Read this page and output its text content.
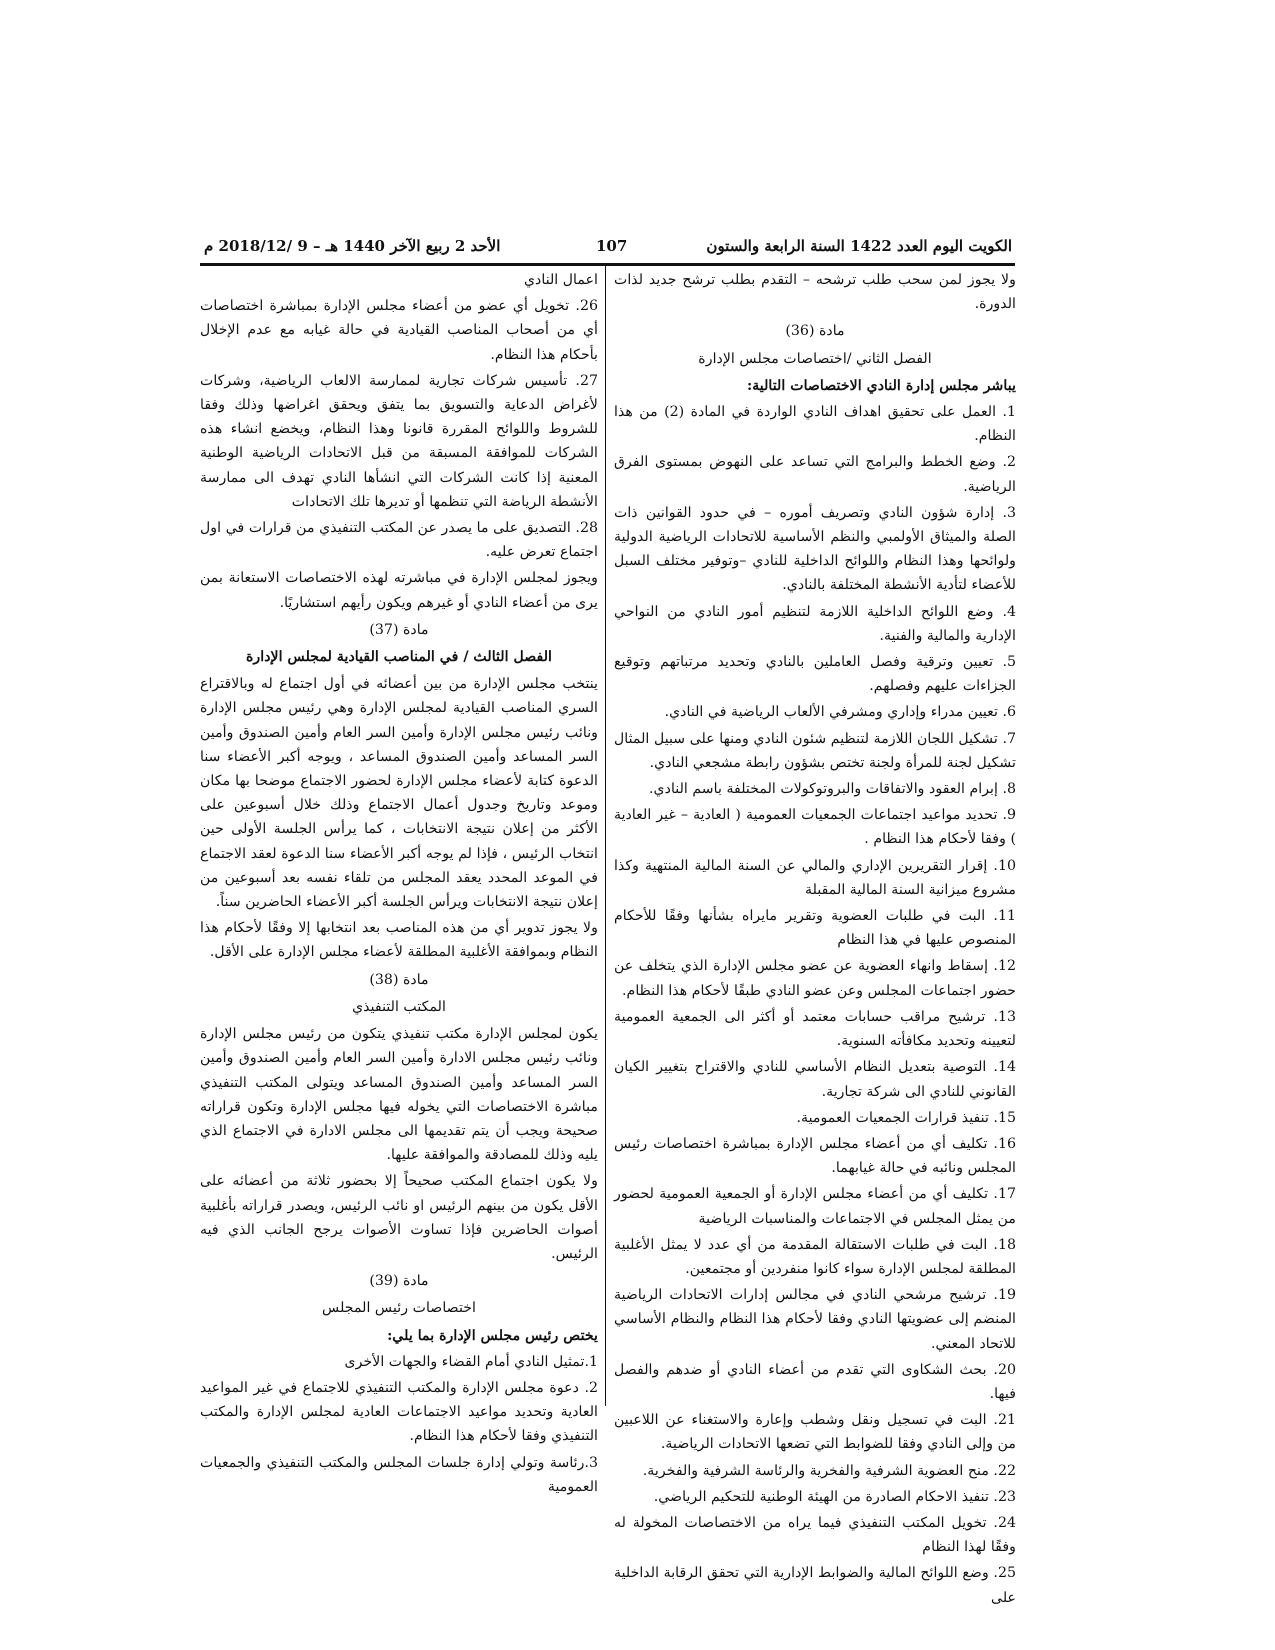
الأحد 2 ربيع الآخر 1440 هـ – 9 /2018/12 م	107	الكويت اليوم العدد 1422 السنة الرابعة والستون

ولا يجوز لمن سحب طلب ترشحه – التقدم بطلب ترشح جديد لذات الدورة.

مادة (36)

الفصل الثاني /اختصاصات مجلس الإدارة

يباشر مجلس إدارة النادي الاختصاصات التالية:

1. العمل على تحقيق اهداف النادي الواردة في المادة (2) من هذا النظام.

2. وضع الخطط والبرامج التي تساعد على النهوض بمستوى الفرق الرياضية.

3. إدارة شؤون النادي وتصريف أموره – في حدود القوانين ذات الصلة والميثاق الأولمبي والنظم الأساسية للاتحادات الرياضية الدولية ولوائحها وهذا النظام واللوائح الداخلية للنادي –وتوفير مختلف السبل للأعضاء لتأدية الأنشطة المختلفة بالنادي.

4. وضع اللوائح الداخلية اللازمة لتنظيم أمور النادي من النواحي الإدارية والمالية والفنية.

5. تعيين وترقية وفصل العاملين بالنادي وتحديد مرتباتهم وتوقيع الجزاءات عليهم وفصلهم.

6. تعيين مدراء وإداري ومشرفي الألعاب الرياضية في النادي.

7. تشكيل اللجان اللازمة لتنظيم شئون النادي ومنها على سبيل المثال تشكيل لجنة للمرأة ولجنة تختص بشؤون رابطة مشجعي النادي.

8. إبرام العقود والاتفاقات والبروتوكولات المختلفة باسم النادي.

9. تحديد مواعيد اجتماعات الجمعيات العمومية ( العادية – غير العادية ) وفقا لأحكام هذا النظام .

10. إقرار التقريرين الإداري والمالي عن السنة المالية المنتهية وكذا مشروع ميزانية السنة المالية المقبلة

11. البت في طلبات العضوية وتقرير مايراه بشأنها وفقًا للأحكام المنصوص عليها في هذا النظام

12. إسقاط وانهاء العضوية عن عضو مجلس الإدارة الذي يتخلف عن حضور اجتماعات المجلس وعن عضو النادي طبقًا لأحكام هذا النظام.

13. ترشيح مراقب حسابات معتمد أو أكثر الى الجمعية العمومية لتعيينه وتحديد مكافأته السنوية.

14. التوصية بتعديل النظام الأساسي للنادي والاقتراح بتغيير الكيان القانوني للنادي الى شركة تجارية.

15. تنفيذ قرارات الجمعيات العمومية.

16. تكليف أي من أعضاء مجلس الإدارة بمباشرة اختصاصات رئيس المجلس ونائبه في حالة غيابهما.

17. تكليف أي من أعضاء مجلس الإدارة أو الجمعية العمومية لحضور من يمثل المجلس في الاجتماعات والمناسبات الرياضية

18. البت في طلبات الاستقالة المقدمة من أي عدد لا يمثل الأغلبية المطلقة لمجلس الإدارة سواء كانوا منفردين أو مجتمعين.

19. ترشيح مرشحي النادي في مجالس إدارات الاتحادات الرياضية المنضم إلى عضويتها النادي وفقا لأحكام هذا النظام والنظام الأساسي للاتحاد المعني.

20. بحث الشكاوى التي تقدم من أعضاء النادي أو ضدهم والفصل فيها.

21. البت في تسجيل ونقل وشطب وإعارة والاستغناء عن اللاعبين من وإلى النادي وفقا للضوابط التي تضعها الاتحادات الرياضية.

22. منح العضوية الشرفية والفخرية والرئاسة الشرفية والفخرية.

23. تنفيذ الاحكام الصادرة من الهيئة الوطنية للتحكيم الرياضي.

24. تخويل المكتب التنفيذي فيما يراه من الاختصاصات المخولة له وفقًا لهذا النظام

25. وضع اللوائح المالية والضوابط الإدارية التي تحقق الرقابة الداخلية على

اعمال النادي

26. تخويل أي عضو من أعضاء مجلس الإدارة بمباشرة اختصاصات أي من أصحاب المناصب القيادية في حالة غيابه مع عدم الإخلال بأحكام هذا النظام.

27. تأسيس شركات تجارية لممارسة الالعاب الرياضية، وشركات لأغراض الدعاية والتسويق بما يتفق ويحقق اغراضها وذلك وفقا للشروط واللوائح المقررة قانونا وهذا النظام، ويخضع انشاء هذه الشركات للموافقة المسبقة من قبل الاتحادات الرياضية الوطنية المعنية إذا كانت الشركات التي انشأها النادي تهدف الى ممارسة الأنشطة الرياضة التي تنظمها أو تديرها تلك الاتحادات

28. التصديق على ما يصدر عن المكتب التنفيذي من قرارات في اول اجتماع تعرض عليه.

ويجوز لمجلس الإدارة في مباشرته لهذه الاختصاصات الاستعانة بمن يرى من أعضاء النادي أو غيرهم ويكون رأيهم استشاريًا.

مادة (37)

الفصل الثالث / في المناصب القيادية لمجلس الإدارة

ينتخب مجلس الإدارة من بين أعضائه في أول اجتماع له وبالاقتراع السري المناصب القيادية لمجلس الإدارة وهي رئيس مجلس الإدارة ونائب رئيس مجلس الإدارة وأمين السر العام وأمين الصندوق وأمين السر المساعد وأمين الصندوق المساعد ، ويوجه أكبر الأعضاء سنا الدعوة كتابة لأعضاء مجلس الإدارة لحضور الاجتماع موضحا بها مكان وموعد وتاريخ وجدول أعمال الاجتماع وذلك خلال أسبوعين على الأكثر من إعلان نتيجة الانتخابات ، كما يرأس الجلسة الأولى حين انتخاب الرئيس ، فإذا لم يوجه أكبر الأعضاء سنا الدعوة لعقد الاجتماع في الموعد المحدد يعقد المجلس من تلقاء نفسه بعد أسبوعين من إعلان نتيجة الانتخابات ويرأس الجلسة أكبر الأعضاء الحاضرين سناً.

ولا يجوز تدوير أي من هذه المناصب بعد انتخابها إلا وفقًا لأحكام هذا النظام وبموافقة الأغلبية المطلقة لأعضاء مجلس الإدارة على الأقل.

مادة (38)

المكتب التنفيذي

يكون لمجلس الإدارة مكتب تنفيذي يتكون من رئيس مجلس الإدارة ونائب رئيس مجلس الادارة وأمين السر العام وأمين الصندوق وأمين السر المساعد وأمين الصندوق المساعد ويتولى المكتب التنفيذي مباشرة الاختصاصات التي يخوله فيها مجلس الإدارة وتكون قراراته صحيحة ويجب أن يتم تقديمها الى مجلس الادارة في الاجتماع الذي يليه وذلك للمصادقة والموافقة عليها.

ولا يكون اجتماع المكتب صحيحاً إلا بحضور ثلاثة من أعضائه على الأقل يكون من بينهم الرئيس او نائب الرئيس، ويصدر قراراته بأغلبية أصوات الحاضرين فإذا تساوت الأصوات يرجح الجانب الذي فيه الرئيس.

مادة (39)

اختصاصات رئيس المجلس

يختص رئيس مجلس الإدارة بما يلي:

1.تمثيل النادي أمام القضاء والجهات الأخرى

2. دعوة مجلس الإدارة والمكتب التنفيذي للاجتماع في غير المواعيد العادية وتحديد مواعيد الاجتماعات العادية لمجلس الإدارة والمكتب التنفيذي وفقا لأحكام هذا النظام.

3.رئاسة وتولي إدارة جلسات المجلس والمكتب التنفيذي والجمعيات العمومية
